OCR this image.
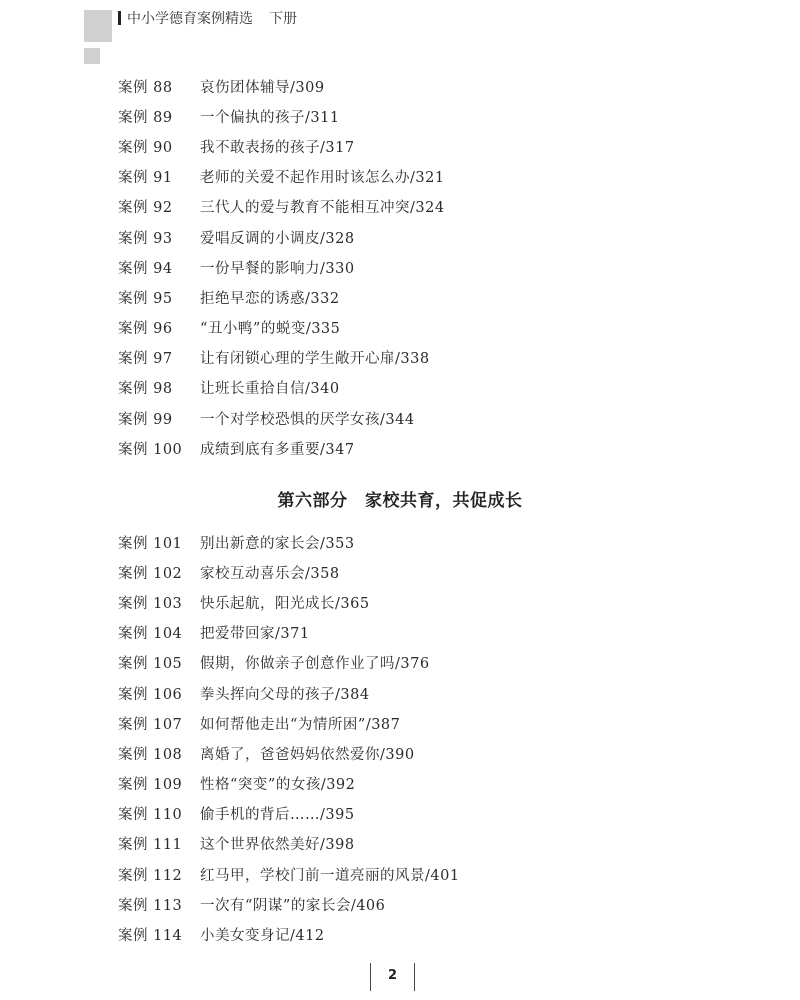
中小学德育案例精选 下册
案例 88	哀伤团体辅导/309
案例 89	一个偏执的孩子/311
案例 90	我不敢表扬的孩子/317
案例 91	老师的关爱不起作用时该怎么办/321
案例 92	三代人的爱与教育不能相互冲突/324
案例 93	爱唱反调的小调皮/328
案例 94	一份早餐的影响力/330
案例 95	拒绝早恋的诱惑/332
案例 96	“丑小鸭”的蜕变/335
案例 97	让有闭锁心理的学生敞开心扉/338
案例 98	让班长重拾自信/340
案例 99	一个对学校恐惧的厌学女孩/344
案例 100	成绩到底有多重要/347
第六部分　家校共育，共促成长
案例 101	别出新意的家长会/353
案例 102	家校互动喜乐会/358
案例 103	快乐起航，阳光成长/365
案例 104	把爱带回家/371
案例 105	假期，你做亲子创意作业了吗/376
案例 106	拳头挥向父母的孩子/384
案例 107	如何帮他走出“为情所困”/387
案例 108	离婚了，爸爸妈妈依然爱你/390
案例 109	性格“突变”的女孩/392
案例 110	偷手机的背后……/395
案例 111	这个世界依然美好/398
案例 112	红马甲，学校门前一道亮丽的风景/401
案例 113	一次有“阴谋”的家长会/406
案例 114	小美女变身记/412
2
